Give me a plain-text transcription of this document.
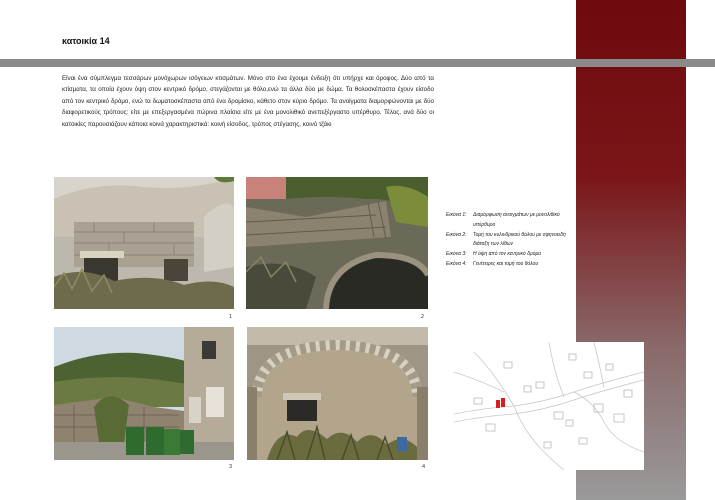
κατοικία 14
Είναι ένα σύμπλεγμα τεσσάρων μονόχωρων ισόγειων κτισμάτων. Μόνο στο ένα έχουμε ένδειξη ότι υπήρχε και όροφος. Δύο από τα κτίσματα, τα οποία έχουν όψη στον κεντρικό δρόμο, στεγάζονται με θόλο,ενώ τα άλλα δύο με δώμα. Τα θολοσκέπαστα έχουν είσοδο από τον κεντρικό δρόμο, ενώ τα δωματοσκέπαστα από ένα δρομίσκο, κάθετο στον κύριο δρόμο. Τα ανοίγματα διαμορφώνονται με δύο διαφορετικούς τρόπους: είτε με επεξεργασμένα πώρινα πλαίσια είτε με ένα μονολιθικό ανεπεξέργαστο υπέρθυρο. Τέλος, ανά δύο οι κατοικίες παρουσιάζουν κάποια κοινά χαρακτηριστικά: κοινή είσοδος, τρόπος στέγασης, κοινό τζάκι
1	2
3	4
Εικόνα 1:	Διαμόρφωση ανοιγμάτων με μονολιθικό υπέρθυρο
Εικόνα 2:	Τομή του κυλινδρικού θόλου με σφηνοειδή διάταξη των λίθων
Εικόνα 3:	Η όψη από τον κεντρικό δρόμο
Εικόνα 4:	Γενέτειρες και τομή του θόλου
